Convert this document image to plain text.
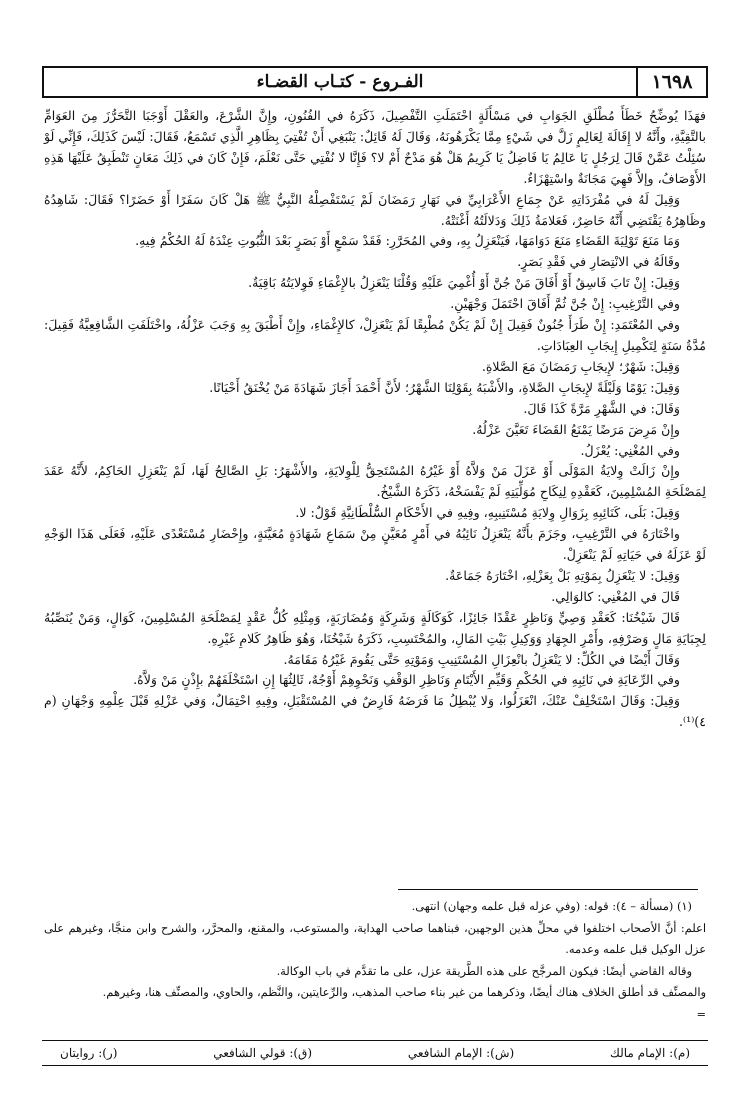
١٦٩٨
الفـروع - كتـاب القضـاء

فهَذَا يُوضِّحُ خَطَأَ مُطْلَقِ الجَوَابِ في مَسْأَلَةٍ احْتَمَلَتِ التَّفْصِيلَ، ذَكَرَهُ في الفُنُونِ، وإِنَّ الشَّرْعَ، والعَقْلَ أَوْجَبَا التَّحَرُّزَ مِنَ العَوَامِّ بالتَّقِيَّةِ، وأَنَّهُ لا إِقَالَةَ لِعَالِمٍ زَلَّ في شَيْءٍ مِمَّا يَكْرَهُونَهُ، وَقَالَ لَهُ قَائِلٌ: يَنْبَغِي أَنْ تُفْتِيَ بِظَاهِرِ الَّذِي تَسْمَعُ، فَقَالَ: لَيْسَ كَذَلِكَ، فَإِنِّي لَوْ سُئِلْتُ عَمَّنْ قَالَ لِرَجُلٍ يَا عَالِمُ يَا فَاضِلُ يَا كَرِيمُ هَلْ هُوَ مَدْحٌ أَمْ لا؟ فَإِنَّا لا نُفْتِي حَتَّى نَعْلَمَ، فَإِنْ كَانَ في ذَلِكَ مَعَانٍ تَنْطَبِقُ عَلَيْهَا هَذِهِ الأَوْصَافُ، وإلاَّ فَهِيَ مَجَانَةٌ واسْتِهْزَاءٌ.

وَقِيلَ لَهُ في مُفْرَدَاتِهِ عَنْ جِمَاعِ الأَعْرَابِيِّ في نَهَارِ رَمَضَانَ لَمْ يَسْتَفْصِلْهُ النَّبِيُّ ﷺ هَلْ كَانَ سَفَرًا أَوْ حَضَرًا؟ فَقَالَ: شَاهِدُهُ وظَاهِرُهُ يَقْتَضِي أَنَّهُ حَاضِرٌ، فَعَلامَةُ ذَلِكَ وَدَلالَتُهُ أَغْنَتْهُ.

وَمَا مَنَعَ تَوْلِيَةَ القَضَاءِ مَنَعَ دَوَامَهَا، فَيَنْعَزِلُ بِهِ، وفي المُحَرَّرِ: فَقَدْ سَمْعٍ أَوْ بَصَرٍ بَعْدَ الثُّبُوتِ عِنْدَهُ لَهُ الحُكْمُ فِيهِ.

وقَالَهُ في الانْتِصَارِ في فَقْدِ بَصَرٍ.

وَقِيلَ: إِنْ تَابَ فَاسِقٌ أَوْ أَفَاقَ مَنْ جُنَّ أَوْ أُغْمِيَ عَلَيْهِ وَقُلْنَا يَنْعَزِلُ بالإِغْمَاءِ فَوِلايَتُهُ بَاقِيَةٌ.

وفي التَّرْغِيبِ: إِنْ جُنَّ ثُمَّ أَفَاقَ احْتَمَلَ وَجْهَيْنِ.

وفي المُعْتَمَدِ: إِنْ طَرَأَ جُنُونٌ فَقِيلَ إِنْ لَمْ يَكُنْ مُطْبِقًا لَمْ يَنْعَزِلْ، كالإِغْمَاءِ، وإِنْ أَطْبَقَ بِهِ وَجَبَ عَزْلُهُ، واخْتَلَفَتِ الشَّافِعِيَّةُ فَقِيلَ: مُدَّةُ سَنَةٍ لِتَكْمِيلِ إِيجَابِ العِبَادَاتِ.

وَقِيلَ: شَهْرٌ؛ لإِيجَابِ رَمَضَانَ مَعَ الصَّلاةِ.

وَقِيلَ: يَوْمًا وَلَيْلَةً لإِيجَابِ الصَّلاةِ، والأَشْبَهُ بِقَوْلِنَا الشَّهْرُ؛ لأَنَّ أَحْمَدَ أَجَازَ شَهَادَةَ مَنْ يُخْنَقُ أَحْيَانًا.

وَقَالَ: في الشَّهْرِ مَرَّةً كَذَا قَالَ.

وإِنْ مَرِضَ مَرَضًا يَمْنَعُ القَضَاءَ تَعَيَّنَ عَزْلُهُ.

وفي المُغْنِي: يُعْزَلُ.

وإِنْ زَالَتْ وِلايَةُ المَوْلَى أَوْ عَزَلَ مَنْ وَلاَّهُ أَوْ غَيْرُهُ المُسْتَحِقُّ لِلْوِلايَةِ، والأَشْهَرُ: بَلِ الصَّالِحُ لَهَا، لَمْ يَنْعَزِلِ الحَاكِمُ، لأَنَّهُ عَقَدَ لِمَصْلَحَةِ المُسْلِمِينَ، كَعَقْدِهِ لِنِكَاحِ مُوَلِّيَتِهِ لَمْ يَفْسَخْهُ، ذَكَرَهُ الشَّيْخُ.

وَقِيلَ: بَلَى، كَنَائِبِهِ بِزَوَالِ وِلايَةِ مُسْتَنِيبِهِ، وفِيهِ في الأَحْكَامِ السُّلْطَانِيَّةِ قَوْلٌ: لا.

واخْتَارَهُ في التَّرْغِيبِ، وجَزَمَ بأَنَّهُ يَنْعَزِلُ نَائِبُهُ في أَمْرٍ مُعَيَّنٍ مِنْ سَمَاعِ شَهَادَةٍ مُعَيَّنَةٍ، وإِحْضَارِ مُسْتَعْدًى عَلَيْهِ، فَعَلَى هَذَا الوَجْهِ لَوْ عَزَلَهُ في حَيَاتِهِ لَمْ يَنْعَزِلْ.

وَقِيلَ: لا يَنْعَزِلُ بِمَوْتِهِ بَلْ بِعَزْلِهِ، اخْتَارَهُ جَمَاعَةٌ.

قَالَ في المُغْنِي: كالوَالِي.

قَالَ شَيْخُنَا: كَعَقْدِ وَصِيٍّ وَنَاظِرٍ عَقْدًا جَائِزًا، كَوَكَالَةٍ وَشَرِكَةٍ وَمُضَارَبَةٍ، وَمِثْلِهِ كُلُّ عَقْدٍ لِمَصْلَحَةِ المُسْلِمِينَ، كَوَالٍ، وَمَنْ يُنَصِّبُهُ لِجِبَايَةِ مَالٍ وَصَرْفِهِ، وأَمْرِ الجِهَادِ وَوَكِيلِ بَيْتِ المَالِ، والمُحْتَسِبِ، ذَكَرَهُ شَيْخُنَا، وَهُوَ ظَاهِرُ كَلامِ غَيْرِهِ.

وَقَالَ أَيْضًا في الكُلِّ: لا يَنْعَزِلُ بانْعِزَالِ المُسْتَنِيبِ وَمَوْتِهِ حَتَّى يَقُومَ غَيْرُهُ مَقَامَهُ.

وفي الرِّعَايَةِ في نَائِبِهِ في الحُكْمِ وَقَيِّمِ الأَيْتَامِ وَنَاظِرِ الوَقْفِ وَنَحْوِهِمْ أَوْجُهٌ، ثَالِثُهَا إِنِ اسْتَخْلَفَهُمْ بإِذْنٍ مَنْ وَلاَّهُ.

وَقِيلَ: وَقَالَ اسْتَخْلِفْ عَنْكَ، انْعَزَلُوا، وَلا يُبْطِلُ مَا فَرَضَهُ فَارِضٌ في المُسْتَقْبَلِ، وفِيهِ احْتِمَالٌ، وَفي عَزْلِهِ قَبْلَ عِلْمِهِ وَجْهَانِ (م ٤)⁽¹⁾.

(١) (مسألة – ٤): قوله: (وفي عزله قبل علمه وجهان) انتهى.

اعلم: أنَّ الأصحاب اختلفوا في محلِّ هذين الوجهين، فبناهما صاحب الهداية، والمستوعب، والمقنع، والمحرَّر، والشرح وابن منجَّا، وغيرهم على عزل الوكيل قبل علمه وعدمه.

وقاله القاضي أيضًا: فيكون المرجَّح على هذه الطَّريقة عزل، على ما تقدَّم في باب الوكالة.

والمصنِّف قد أطلق الخلاف هناك أيضًا، وذكرهما من غير بناء صاحب المذهب، والرِّعايتين، والنَّظم، والحاوي، والمصنِّف هنا، وغيرهم.

=

(م): الإمام مالك
(ش): الإمام الشافعي
(ق): قولي الشافعي
(ر): روايتان
